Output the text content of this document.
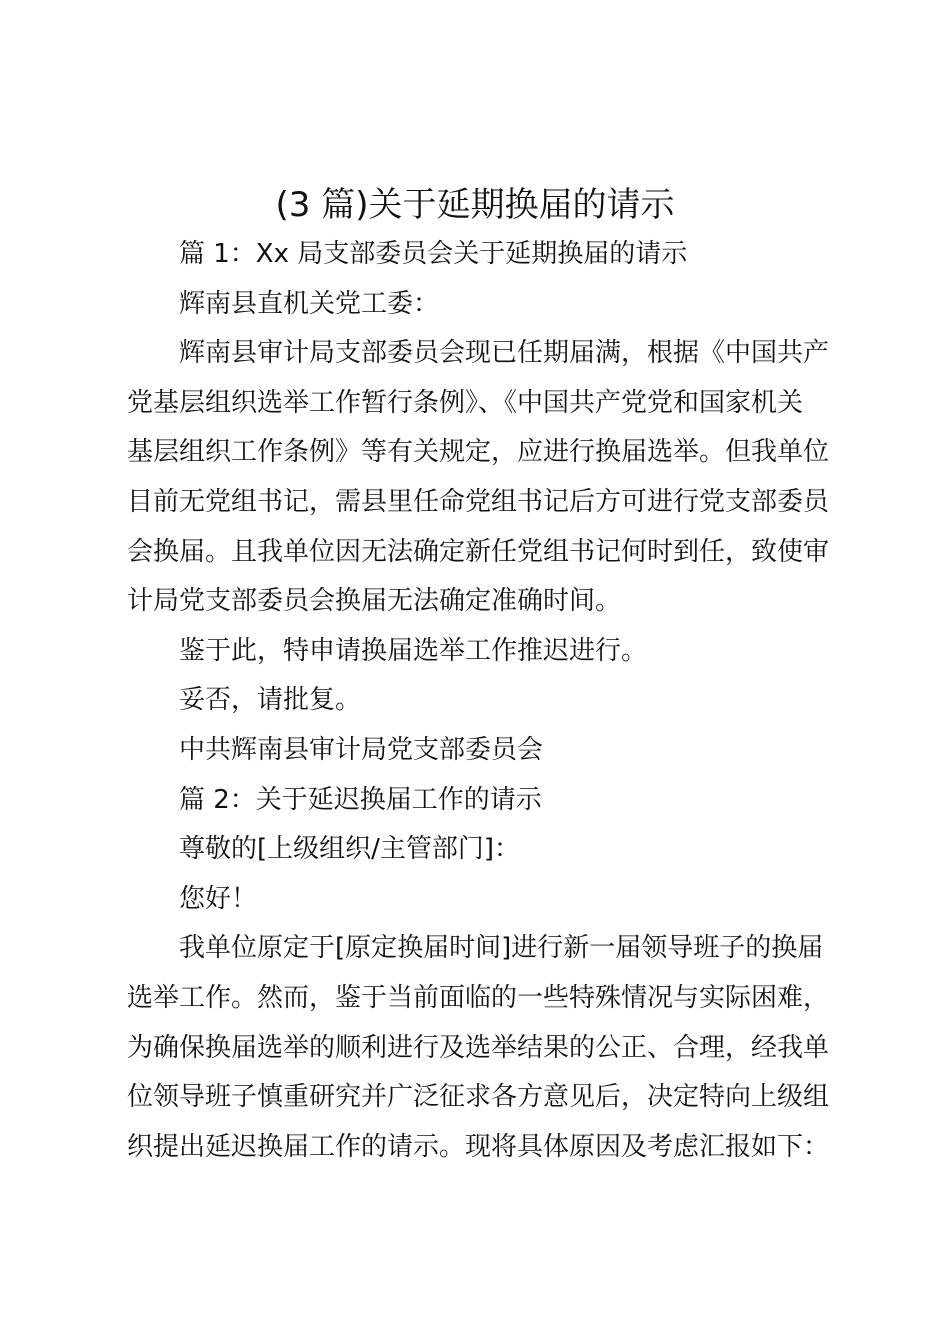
(3 篇)关于延期换届的请示

篇 1：Xx 局支部委员会关于延期换届的请示

辉南县直机关党工委：

辉南县审计局支部委员会现已任期届满，根据《中国共产
党基层组织选举工作暂行条例》、《中国共产党党和国家机关
基层组织工作条例》等有关规定，应进行换届选举。但我单位
目前无党组书记，需县里任命党组书记后方可进行党支部委员
会换届。且我单位因无法确定新任党组书记何时到任，致使审
计局党支部委员会换届无法确定准确时间。

鉴于此，特申请换届选举工作推迟进行。

妥否，请批复。

中共辉南县审计局党支部委员会

篇 2：关于延迟换届工作的请示

尊敬的[上级组织/主管部门]：

您好！

我单位原定于[原定换届时间]进行新一届领导班子的换届
选举工作。然而，鉴于当前面临的一些特殊情况与实际困难，
为确保换届选举的顺利进行及选举结果的公正、合理，经我单
位领导班子慎重研究并广泛征求各方意见后，决定特向上级组
织提出延迟换届工作的请示。现将具体原因及考虑汇报如下：
